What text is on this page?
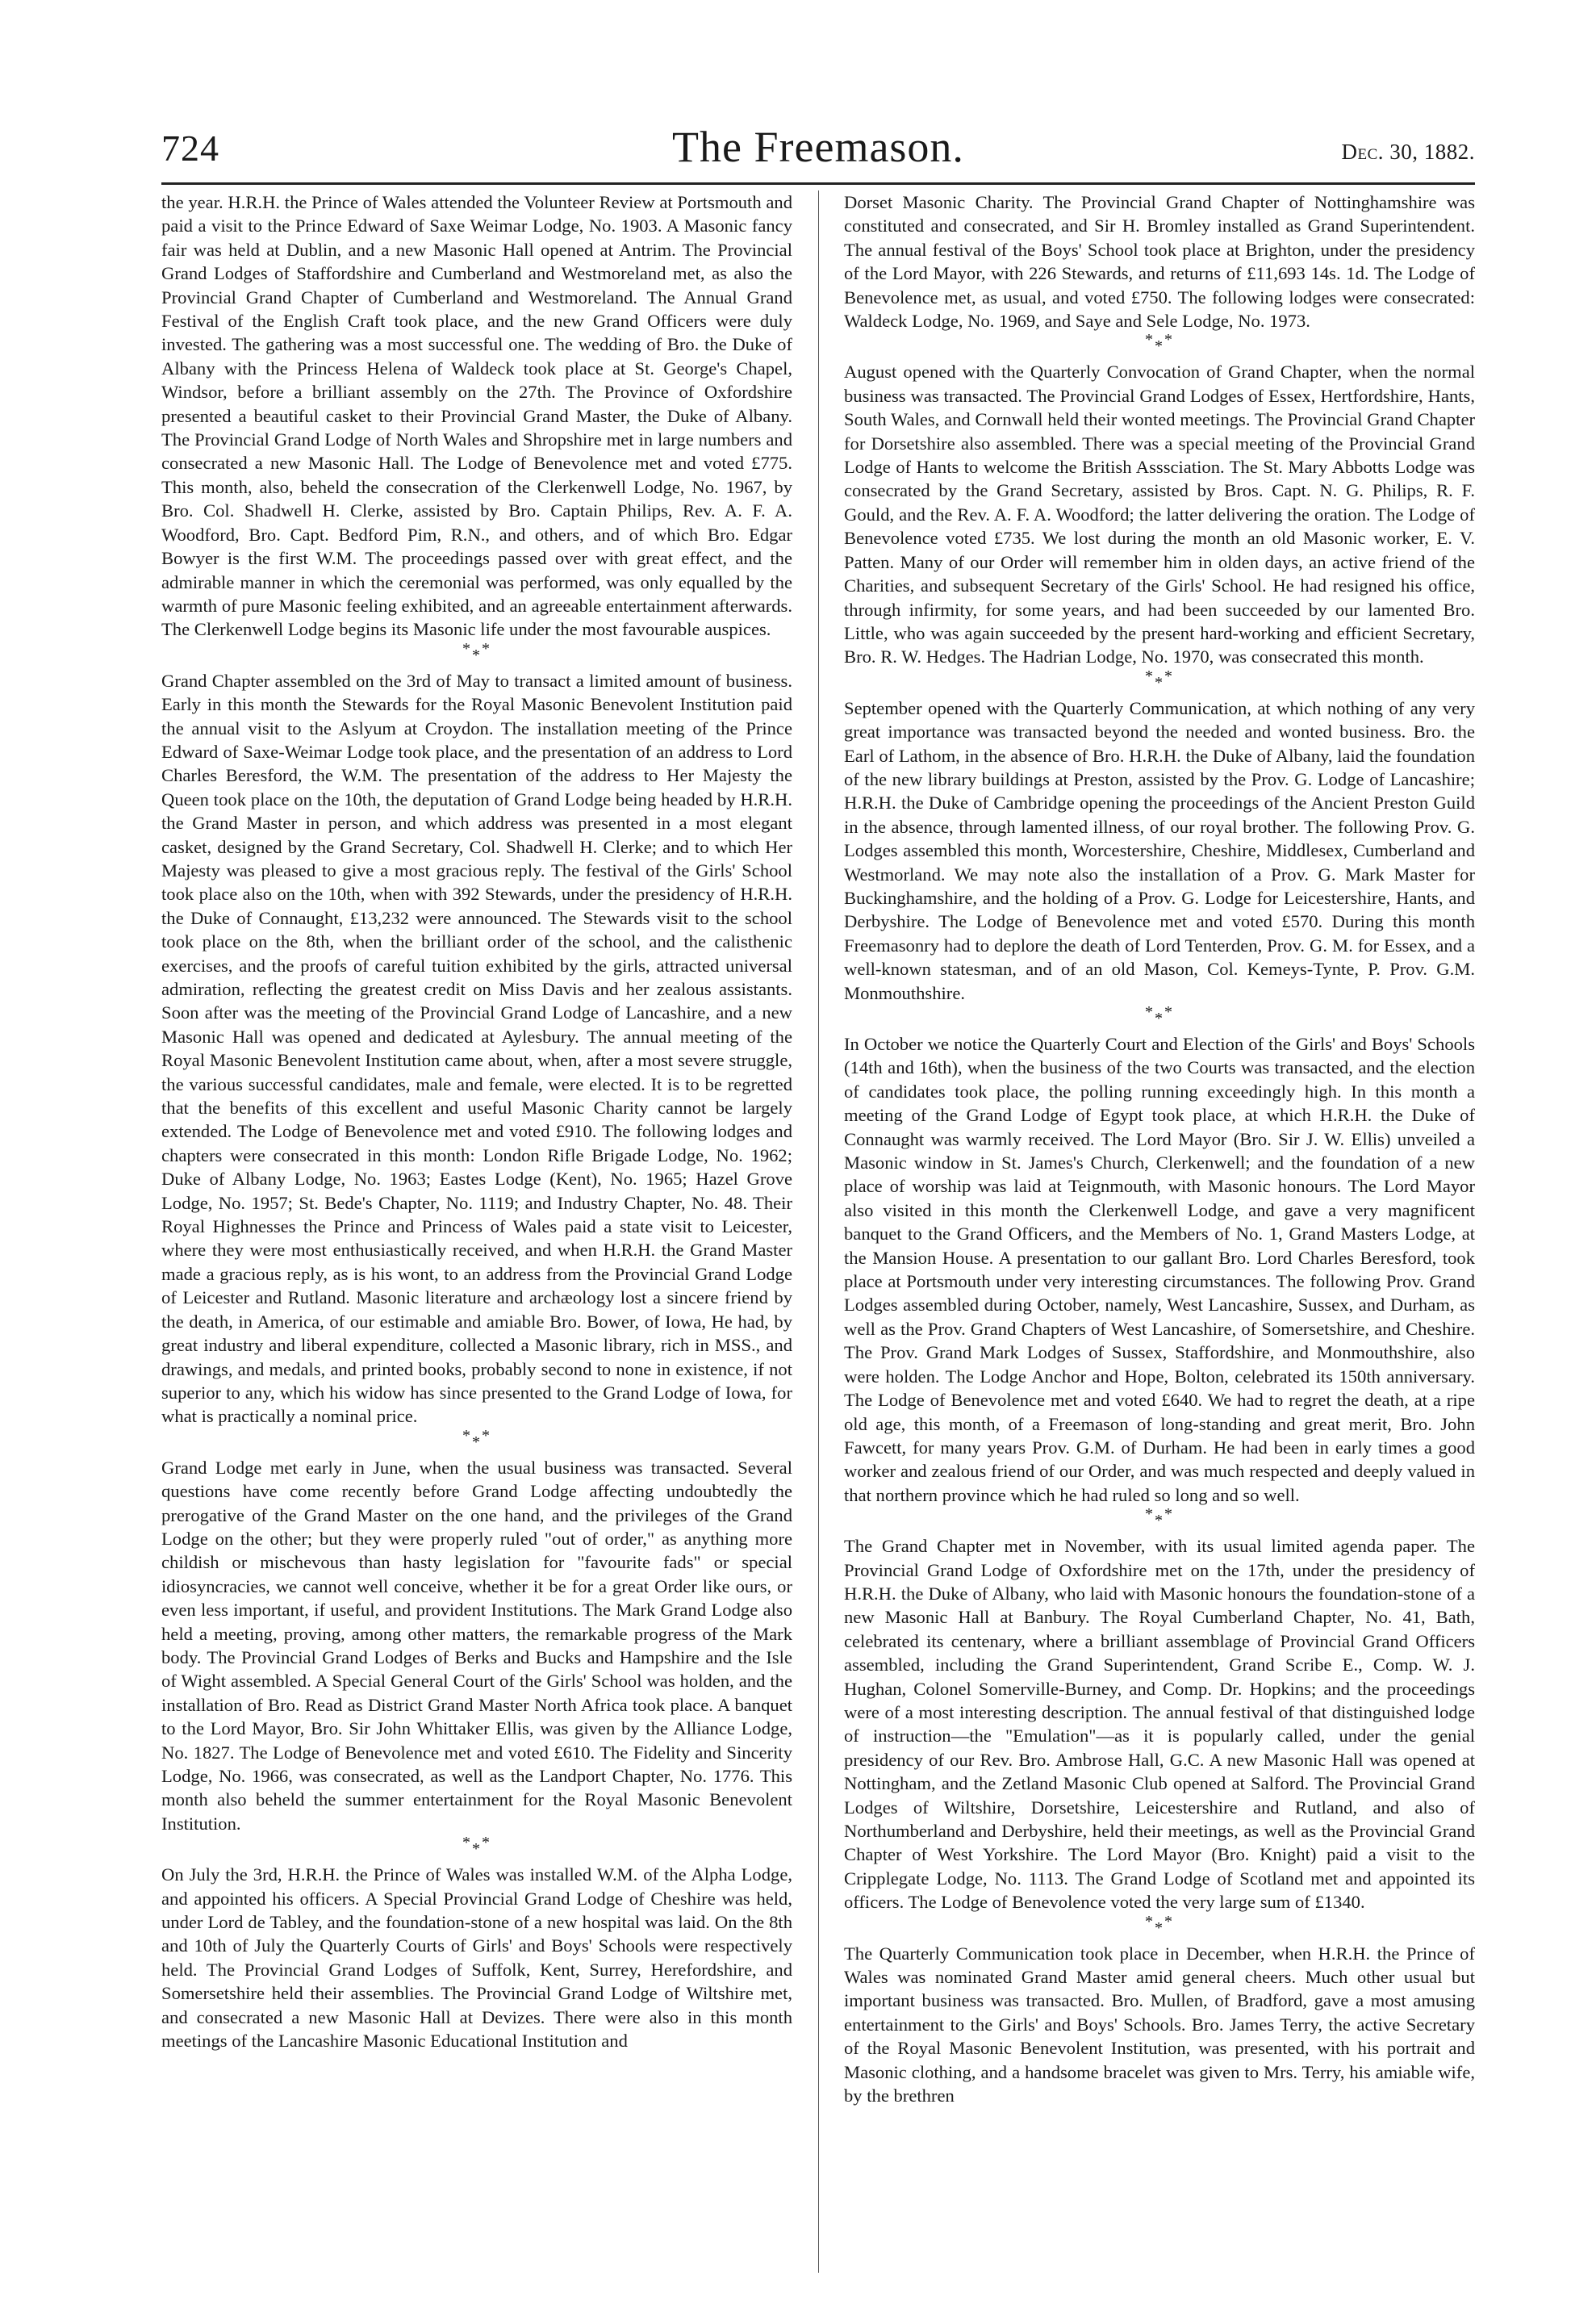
724	The Freemason.	Dec. 30, 1882.

the year. H.R.H. the Prince of Wales attended the Volunteer Review at Portsmouth and paid a visit to the Prince Edward of Saxe Weimar Lodge, No. 1903. A Masonic fancy fair was held at Dublin, and a new Masonic Hall opened at Antrim. The Provincial Grand Lodges of Staffordshire and Cumberland and Westmoreland met, as also the Provincial Grand Chapter of Cumberland and Westmoreland. The Annual Grand Festival of the English Craft took place, and the new Grand Officers were duly invested. The gathering was a most successful one. The wedding of Bro. the Duke of Albany with the Princess Helena of Waldeck took place at St. George's Chapel, Windsor, before a brilliant assembly on the 27th. The Province of Oxfordshire presented a beautiful casket to their Provincial Grand Master, the Duke of Albany. The Provincial Grand Lodge of North Wales and Shropshire met in large numbers and consecrated a new Masonic Hall. The Lodge of Benevolence met and voted £775. This month, also, beheld the consecration of the Clerkenwell Lodge, No. 1967, by Bro. Col. Shadwell H. Clerke, assisted by Bro. Captain Philips, Rev. A. F. A. Woodford, Bro. Capt. Bedford Pim, R.N., and others, and of which Bro. Edgar Bowyer is the first W.M. The proceedings passed over with great effect, and the admirable manner in which the ceremonial was performed, was only equalled by the warmth of pure Masonic feeling exhibited, and an agreeable entertainment afterwards. The Clerkenwell Lodge begins its Masonic life under the most favourable auspices.

***

Grand Chapter assembled on the 3rd of May to transact a limited amount of business. Early in this month the Stewards for the Royal Masonic Benevolent Institution paid the annual visit to the Aslyum at Croydon. The installation meeting of the Prince Edward of Saxe-Weimar Lodge took place, and the presentation of an address to Lord Charles Beresford, the W.M. The presentation of the address to Her Majesty the Queen took place on the 10th, the deputation of Grand Lodge being headed by H.R.H. the Grand Master in person, and which address was presented in a most elegant casket, designed by the Grand Secretary, Col. Shadwell H. Clerke; and to which Her Majesty was pleased to give a most gracious reply. The festival of the Girls' School took place also on the 10th, when with 392 Stewards, under the presidency of H.R.H. the Duke of Connaught, £13,232 were announced. The Stewards visit to the school took place on the 8th, when the brilliant order of the school, and the calisthenic exercises, and the proofs of careful tuition exhibited by the girls, attracted universal admiration, reflecting the greatest credit on Miss Davis and her zealous assistants. Soon after was the meeting of the Provincial Grand Lodge of Lancashire, and a new Masonic Hall was opened and dedicated at Aylesbury. The annual meeting of the Royal Masonic Benevolent Institution came about, when, after a most severe struggle, the various successful candidates, male and female, were elected. It is to be regretted that the benefits of this excellent and useful Masonic Charity cannot be largely extended. The Lodge of Benevolence met and voted £910. The following lodges and chapters were consecrated in this month: London Rifle Brigade Lodge, No. 1962; Duke of Albany Lodge, No. 1963; Eastes Lodge (Kent), No. 1965; Hazel Grove Lodge, No. 1957; St. Bede's Chapter, No. 1119; and Industry Chapter, No. 48. Their Royal Highnesses the Prince and Princess of Wales paid a state visit to Leicester, where they were most enthusiastically received, and when H.R.H. the Grand Master made a gracious reply, as is his wont, to an address from the Provincial Grand Lodge of Leicester and Rutland. Masonic literature and archæology lost a sincere friend by the death, in America, of our estimable and amiable Bro. Bower, of Iowa, He had, by great industry and liberal expenditure, collected a Masonic library, rich in MSS., and drawings, and medals, and printed books, probably second to none in existence, if not superior to any, which his widow has since presented to the Grand Lodge of Iowa, for what is practically a nominal price.

***

Grand Lodge met early in June, when the usual business was transacted. Several questions have come recently before Grand Lodge affecting undoubtedly the prerogative of the Grand Master on the one hand, and the privileges of the Grand Lodge on the other; but they were properly ruled "out of order," as anything more childish or mischevous than hasty legislation for "favourite fads" or special idiosyncracies, we cannot well conceive, whether it be for a great Order like ours, or even less important, if useful, and provident Institutions. The Mark Grand Lodge also held a meeting, proving, among other matters, the remarkable progress of the Mark body. The Provincial Grand Lodges of Berks and Bucks and Hampshire and the Isle of Wight assembled. A Special General Court of the Girls' School was holden, and the installation of Bro. Read as District Grand Master North Africa took place. A banquet to the Lord Mayor, Bro. Sir John Whittaker Ellis, was given by the Alliance Lodge, No. 1827. The Lodge of Benevolence met and voted £610. The Fidelity and Sincerity Lodge, No. 1966, was consecrated, as well as the Landport Chapter, No. 1776. This month also beheld the summer entertainment for the Royal Masonic Benevolent Institution.

***

On July the 3rd, H.R.H. the Prince of Wales was installed W.M. of the Alpha Lodge, and appointed his officers. A Special Provincial Grand Lodge of Cheshire was held, under Lord de Tabley, and the foundation-stone of a new hospital was laid. On the 8th and 10th of July the Quarterly Courts of Girls' and Boys' Schools were respectively held. The Provincial Grand Lodges of Suffolk, Kent, Surrey, Herefordshire, and Somersetshire held their assemblies. The Provincial Grand Lodge of Wiltshire met, and consecrated a new Masonic Hall at Devizes. There were also in this month meetings of the Lancashire Masonic Educational Institution and

Dorset Masonic Charity. The Provincial Grand Chapter of Nottinghamshire was constituted and consecrated, and Sir H. Bromley installed as Grand Superintendent. The annual festival of the Boys' School took place at Brighton, under the presidency of the Lord Mayor, with 226 Stewards, and returns of £11,693 14s. 1d. The Lodge of Benevolence met, as usual, and voted £750. The following lodges were consecrated: Waldeck Lodge, No. 1969, and Saye and Sele Lodge, No. 1973.

***

August opened with the Quarterly Convocation of Grand Chapter, when the normal business was transacted. The Provincial Grand Lodges of Essex, Hertfordshire, Hants, South Wales, and Cornwall held their wonted meetings. The Provincial Grand Chapter for Dorsetshire also assembled. There was a special meeting of the Provincial Grand Lodge of Hants to welcome the British Asssciation. The St. Mary Abbotts Lodge was consecrated by the Grand Secretary, assisted by Bros. Capt. N. G. Philips, R. F. Gould, and the Rev. A. F. A. Woodford; the latter delivering the oration. The Lodge of Benevolence voted £735. We lost during the month an old Masonic worker, E. V. Patten. Many of our Order will remember him in olden days, an active friend of the Charities, and subsequent Secretary of the Girls' School. He had resigned his office, through infirmity, for some years, and had been succeeded by our lamented Bro. Little, who was again succeeded by the present hard-working and efficient Secretary, Bro. R. W. Hedges. The Hadrian Lodge, No. 1970, was consecrated this month.

***

September opened with the Quarterly Communication, at which nothing of any very great importance was transacted beyond the needed and wonted business. Bro. the Earl of Lathom, in the absence of Bro. H.R.H. the Duke of Albany, laid the foundation of the new library buildings at Preston, assisted by the Prov. G. Lodge of Lancashire; H.R.H. the Duke of Cambridge opening the proceedings of the Ancient Preston Guild in the absence, through lamented illness, of our royal brother. The following Prov. G. Lodges assembled this month, Worcestershire, Cheshire, Middlesex, Cumberland and Westmorland. We may note also the installation of a Prov. G. Mark Master for Buckinghamshire, and the holding of a Prov. G. Lodge for Leicestershire, Hants, and Derbyshire. The Lodge of Benevolence met and voted £570. During this month Freemasonry had to deplore the death of Lord Tenterden, Prov. G. M. for Essex, and a well-known statesman, and of an old Mason, Col. Kemeys-Tynte, P. Prov. G.M. Monmouthshire.

***

In October we notice the Quarterly Court and Election of the Girls' and Boys' Schools (14th and 16th), when the business of the two Courts was transacted, and the election of candidates took place, the polling running exceedingly high. In this month a meeting of the Grand Lodge of Egypt took place, at which H.R.H. the Duke of Connaught was warmly received. The Lord Mayor (Bro. Sir J. W. Ellis) unveiled a Masonic window in St. James's Church, Clerkenwell; and the foundation of a new place of worship was laid at Teignmouth, with Masonic honours. The Lord Mayor also visited in this month the Clerkenwell Lodge, and gave a very magnificent banquet to the Grand Officers, and the Members of No. 1, Grand Masters Lodge, at the Mansion House. A presentation to our gallant Bro. Lord Charles Beresford, took place at Portsmouth under very interesting circumstances. The following Prov. Grand Lodges assembled during October, namely, West Lancashire, Sussex, and Durham, as well as the Prov. Grand Chapters of West Lancashire, of Somersetshire, and Cheshire. The Prov. Grand Mark Lodges of Sussex, Staffordshire, and Monmouthshire, also were holden. The Lodge Anchor and Hope, Bolton, celebrated its 150th anniversary. The Lodge of Benevolence met and voted £640. We had to regret the death, at a ripe old age, this month, of a Freemason of long-standing and great merit, Bro. John Fawcett, for many years Prov. G.M. of Durham. He had been in early times a good worker and zealous friend of our Order, and was much respected and deeply valued in that northern province which he had ruled so long and so well.

***

The Grand Chapter met in November, with its usual limited agenda paper. The Provincial Grand Lodge of Oxfordshire met on the 17th, under the presidency of H.R.H. the Duke of Albany, who laid with Masonic honours the foundation-stone of a new Masonic Hall at Banbury. The Royal Cumberland Chapter, No. 41, Bath, celebrated its centenary, where a brilliant assemblage of Provincial Grand Officers assembled, including the Grand Superintendent, Grand Scribe E., Comp. W. J. Hughan, Colonel Somerville-Burney, and Comp. Dr. Hopkins; and the proceedings were of a most interesting description. The annual festival of that distinguished lodge of instruction—the "Emulation"—as it is popularly called, under the genial presidency of our Rev. Bro. Ambrose Hall, G.C. A new Masonic Hall was opened at Nottingham, and the Zetland Masonic Club opened at Salford. The Provincial Grand Lodges of Wiltshire, Dorsetshire, Leicestershire and Rutland, and also of Northumberland and Derbyshire, held their meetings, as well as the Provincial Grand Chapter of West Yorkshire. The Lord Mayor (Bro. Knight) paid a visit to the Cripplegate Lodge, No. 1113. The Grand Lodge of Scotland met and appointed its officers. The Lodge of Benevolence voted the very large sum of £1340.

***

The Quarterly Communication took place in December, when H.R.H. the Prince of Wales was nominated Grand Master amid general cheers. Much other usual but important business was transacted. Bro. Mullen, of Bradford, gave a most amusing entertainment to the Girls' and Boys' Schools. Bro. James Terry, the active Secretary of the Royal Masonic Benevolent Institution, was presented, with his portrait and Masonic clothing, and a handsome bracelet was given to Mrs. Terry, his amiable wife, by the brethren
